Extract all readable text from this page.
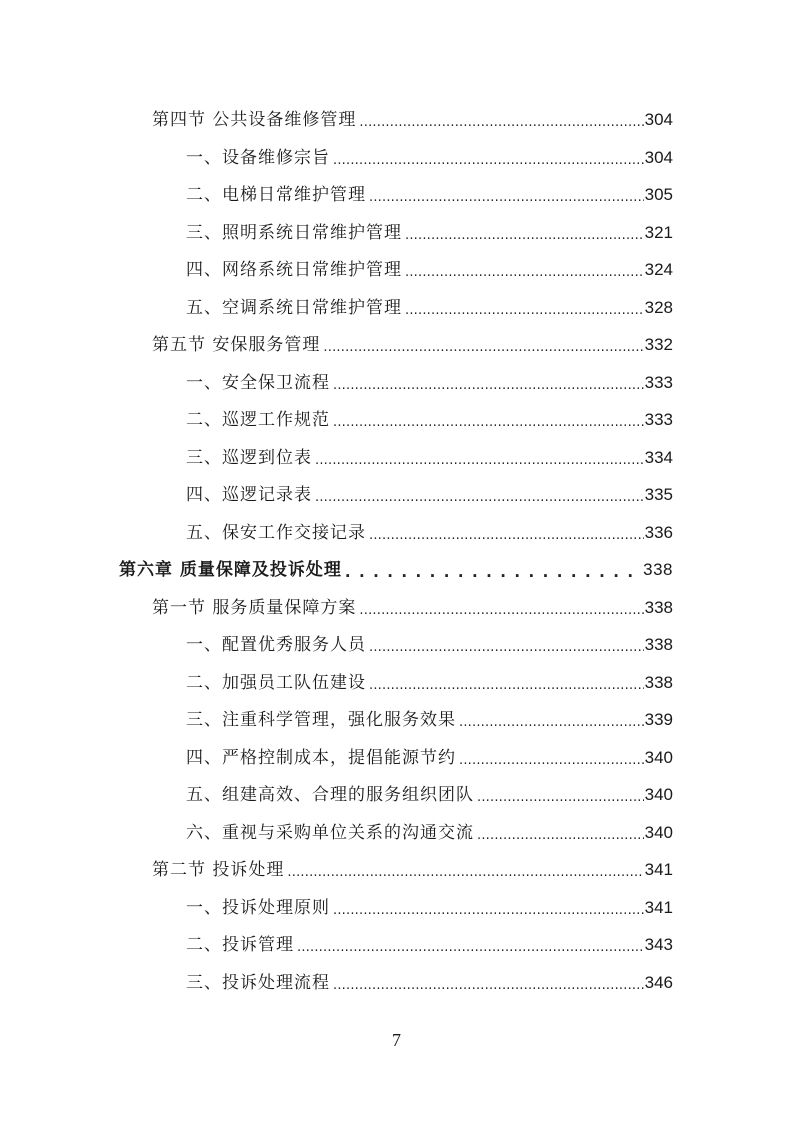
第四节 公共设备维修管理 .....	304
一、设备维修宗旨 .....	304
二、电梯日常维护管理 .....	305
三、照明系统日常维护管理 .....	321
四、网络系统日常维护管理 .....	324
五、空调系统日常维护管理 .....	328
第五节 安保服务管理 .....	332
一、安全保卫流程 .....	333
二、巡逻工作规范 .....	333
三、巡逻到位表 .....	334
四、巡逻记录表 .....	335
五、保安工作交接记录 .....	336
第六章 质量保障及投诉处理 . . .	338
第一节 服务质量保障方案 .....	338
一、配置优秀服务人员 .....	338
二、加强员工队伍建设 .....	338
三、注重科学管理，强化服务效果 .....	339
四、严格控制成本，提倡能源节约 .....	340
五、组建高效、合理的服务组织团队 .....	340
六、重视与采购单位关系的沟通交流 .....	340
第二节 投诉处理 .....	341
一、投诉处理原则 .....	341
二、投诉管理 .....	343
三、投诉处理流程 .....	346
7
